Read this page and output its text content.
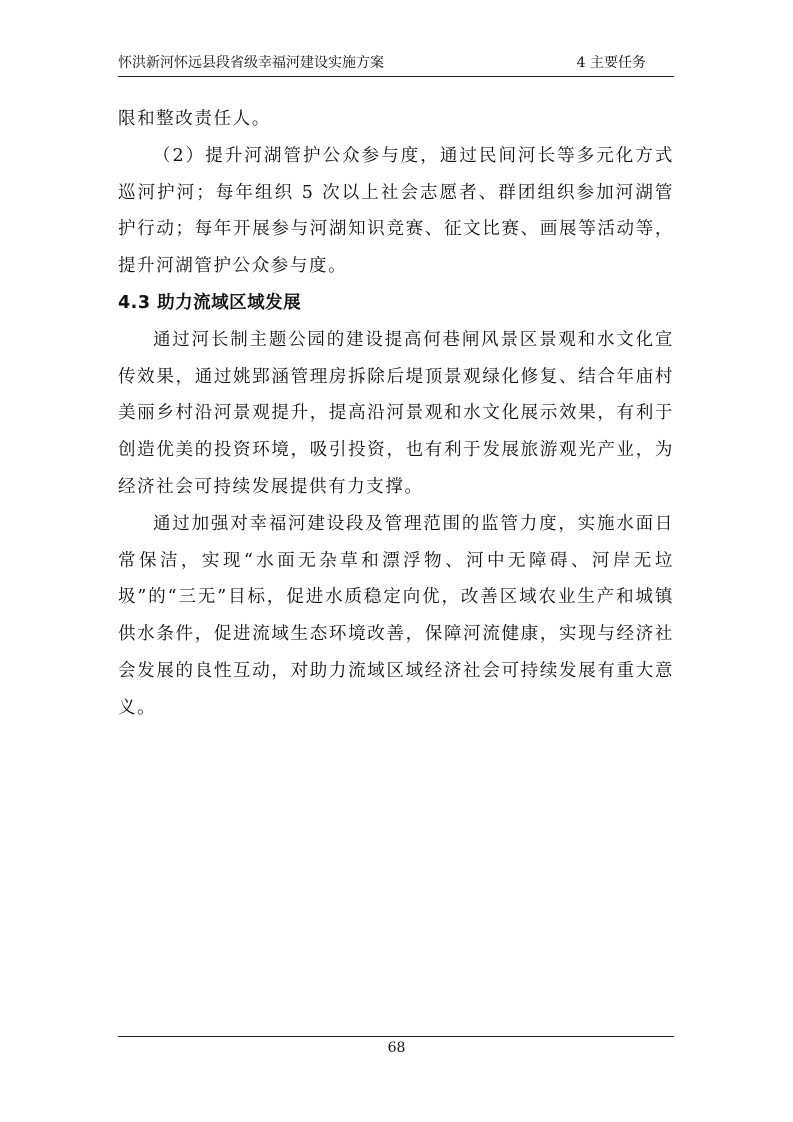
怀洪新河怀远县段省级幸福河建设实施方案	4 主要任务

限和整改责任人。

（2）提升河湖管护公众参与度，通过民间河长等多元化方式巡河护河；每年组织 5 次以上社会志愿者、群团组织参加河湖管护行动；每年开展参与河湖知识竞赛、征文比赛、画展等活动等，提升河湖管护公众参与度。

4.3 助力流域区域发展

通过河长制主题公园的建设提高何巷闸风景区景观和水文化宣传效果，通过姚郢涵管理房拆除后堤顶景观绿化修复、结合年庙村美丽乡村沿河景观提升，提高沿河景观和水文化展示效果，有利于创造优美的投资环境，吸引投资，也有利于发展旅游观光产业，为经济社会可持续发展提供有力支撑。

通过加强对幸福河建设段及管理范围的监管力度，实施水面日常保洁，实现“水面无杂草和漂浮物、河中无障碍、河岸无垃圾”的“三无”目标，促进水质稳定向优，改善区域农业生产和城镇供水条件，促进流域生态环境改善，保障河流健康，实现与经济社会发展的良性互动，对助力流域区域经济社会可持续发展有重大意义。

68
